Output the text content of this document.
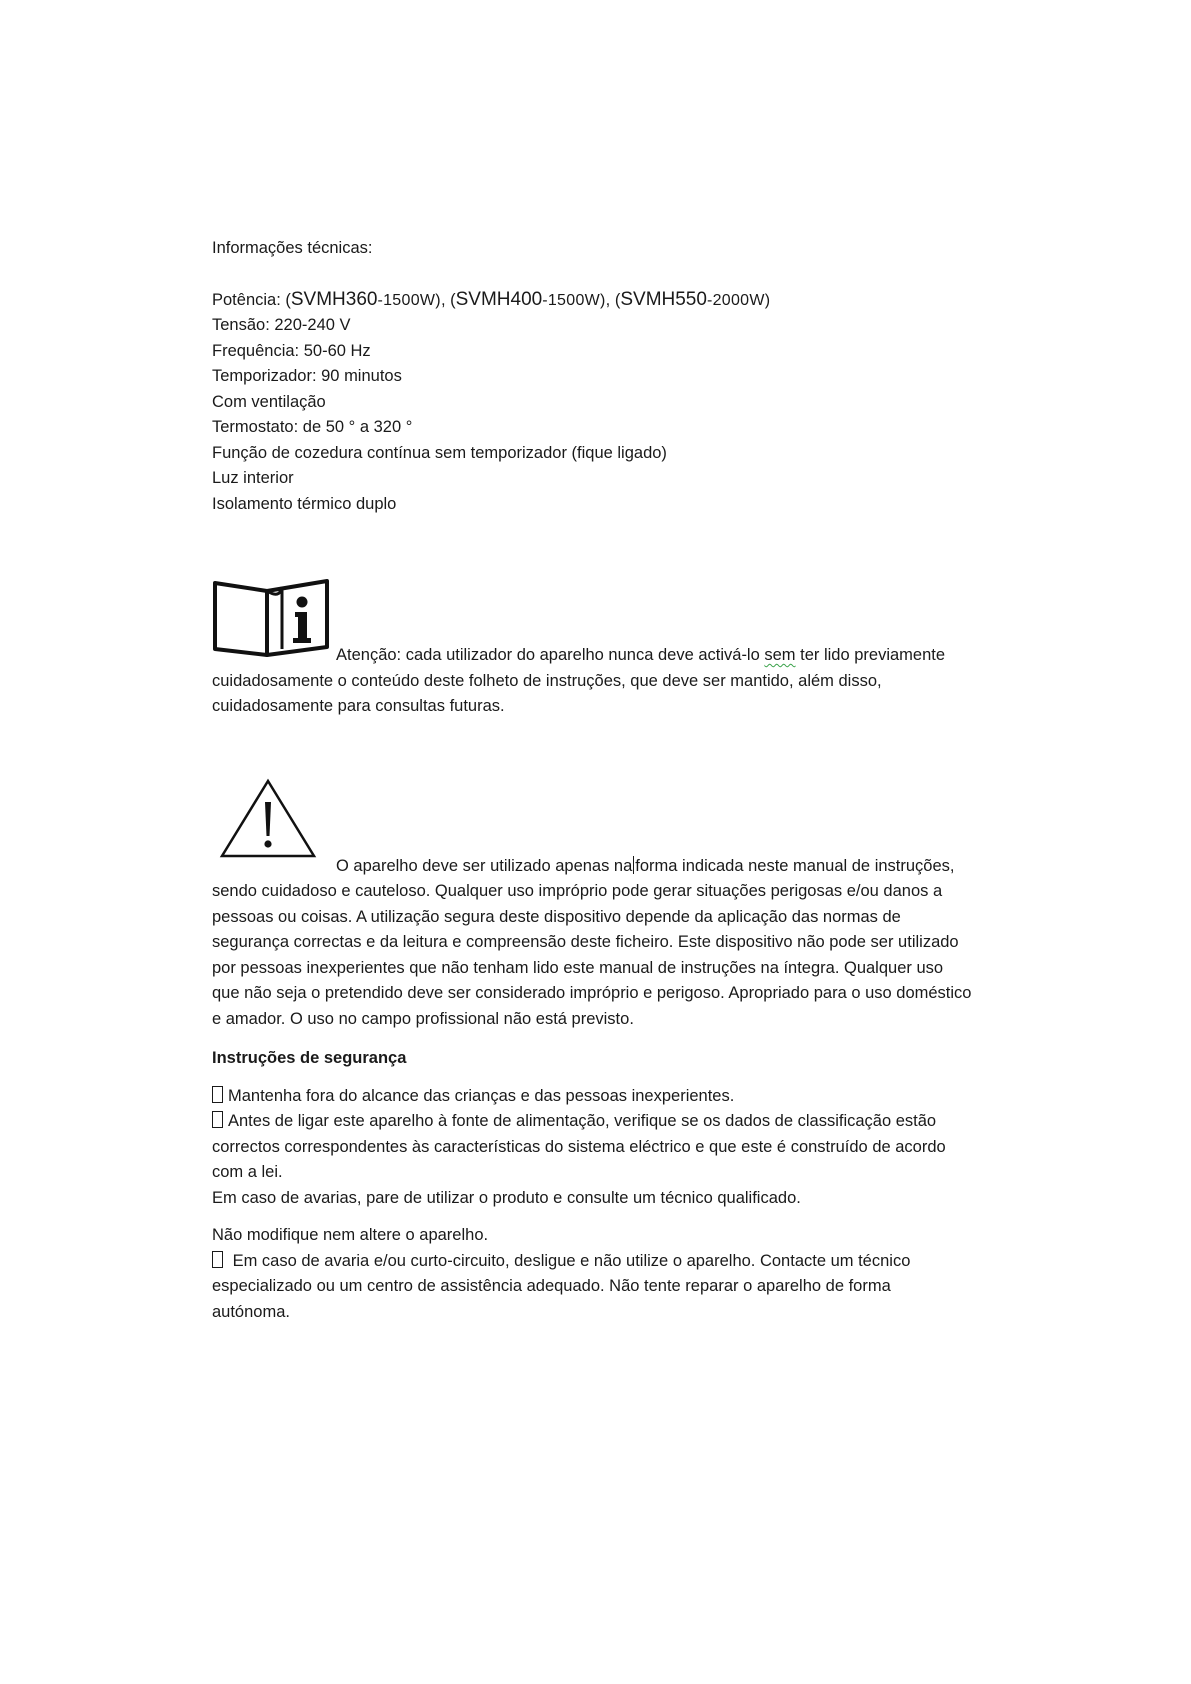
Informações técnicas:
Potência: (SVMH360-1500W), (SVMH400-1500W), (SVMH550-2000W)
Tensão: 220-240 V
Frequência: 50-60 Hz
Temporizador: 90 minutos
Com ventilação
Termostato: de 50 ° a 320 °
Função de cozedura contínua sem temporizador (fique ligado)
Luz interior
Isolamento térmico duplo
Atenção: cada utilizador do aparelho nunca deve activá-lo sem ter lido previamente cuidadosamente o conteúdo deste folheto de instruções, que deve ser mantido, além disso, cuidadosamente para consultas futuras.
O aparelho deve ser utilizado apenas na forma indicada neste manual de instruções, sendo cuidadoso e cauteloso. Qualquer uso impróprio pode gerar situações perigosas e/ou danos a pessoas ou coisas. A utilização segura deste dispositivo depende da aplicação das normas de segurança correctas e da leitura e compreensão deste ficheiro. Este dispositivo não pode ser utilizado por pessoas inexperientes que não tenham lido este manual de instruções na íntegra. Qualquer uso que não seja o pretendido deve ser considerado impróprio e perigoso. Apropriado para o uso doméstico e amador. O uso no campo profissional não está previsto.
Instruções de segurança
Mantenha fora do alcance das crianças e das pessoas inexperientes.
Antes de ligar este aparelho à fonte de alimentação, verifique se os dados de classificação estão correctos correspondentes às características do sistema eléctrico e que este é construído de acordo com a lei.
Em caso de avarias, pare de utilizar o produto e consulte um técnico qualificado.
Não modifique nem altere o aparelho.
Em caso de avaria e/ou curto-circuito, desligue e não utilize o aparelho. Contacte um técnico especializado ou um centro de assistência adequado. Não tente reparar o aparelho de forma autónoma.
